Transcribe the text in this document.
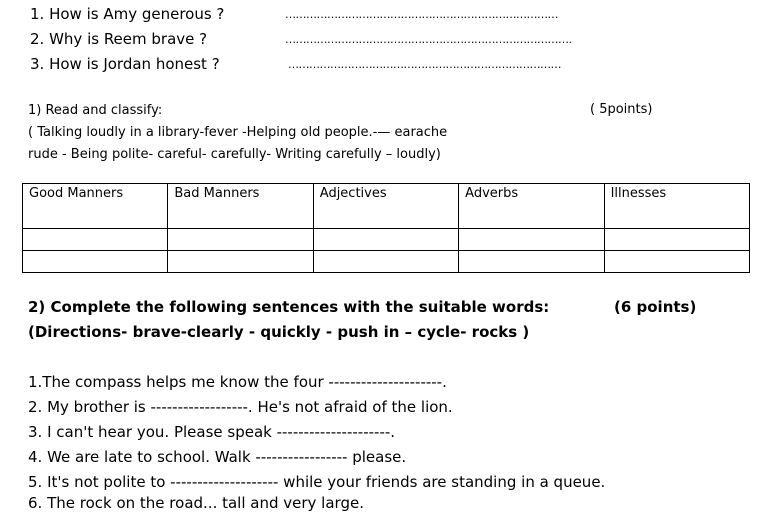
1. How is Amy generous ?	……………………………………………………………………
2. Why is Reem brave ?	……………………………………………………………………….
3. How is Jordan honest ?	……………………………………………………………………
1) Read and classify:	( 5points)
( Talking loudly in a library-fever -Helping old people.-— earache
rude - Being polite- careful- carefully- Writing carefully – loudly)
Good Manners	Bad Manners	Adjectives	Adverbs	Illnesses

2) Complete the following sentences with the suitable words:	(6 points)
(Directions- brave-clearly - quickly - push in – cycle- rocks )
1.The compass helps me know the four ---------------------.
2. My brother is ------------------. He's not afraid of the lion.
3. I can't hear you. Please speak ---------------------.
4. We are late to school. Walk ----------------- please.
5. It's not polite to -------------------- while your friends are standing in a queue.
6. The rock on the road... tall and very large.
